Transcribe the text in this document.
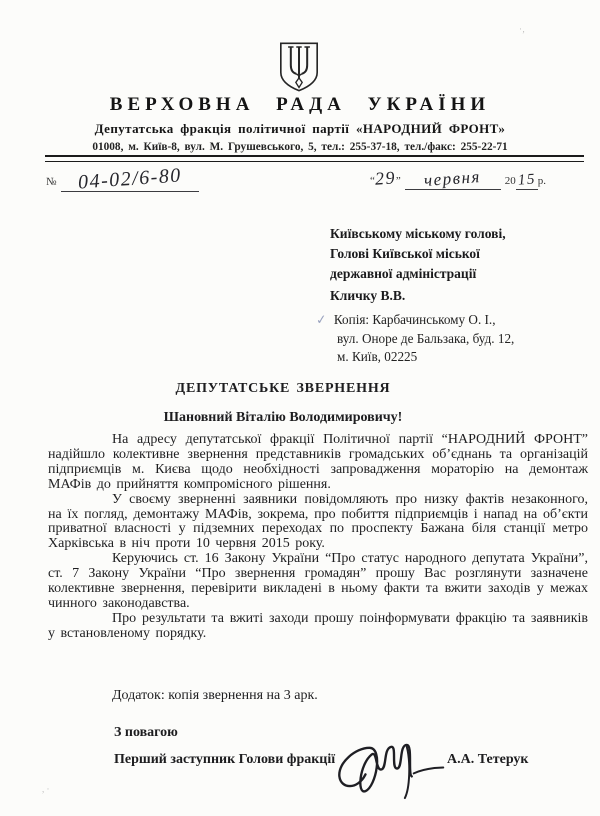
ВЕРХОВНА РАДА УКРАЇНИ
Депутатська фракція політичної партії «НАРОДНИЙ ФРОНТ»
01008, м. Київ-8, вул. М. Грушевського, 5, тел.: 255-37-18, тел./факс: 255-22-71
№ 04-02/6-80	“29” червня 2015р.
Київському міському голові,
Голові Київської міської
державної адміністрації
Кличку В.В.
✓ Копія: Карбачинському О. І.,
вул. Оноре де Бальзака, буд. 12,
м. Київ, 02225
ДЕПУТАТСЬКЕ ЗВЕРНЕННЯ
Шановний Віталію Володимировичу!

На адресу депутатської фракції Політичної партії “НАРОДНИЙ ФРОНТ” надійшло колективне звернення представників громадських об’єднань та організацій підприємців м. Києва щодо необхідності запровадження мораторію на демонтаж МАФів до прийняття компромісного рішення.

У своєму зверненні заявники повідомляють про низку фактів незаконного, на їх погляд, демонтажу МАФів, зокрема, про побиття підприємців і напад на об’єкти приватної власності у підземних переходах по проспекту Бажана біля станції метро Харківська в ніч проти 10 червня 2015 року.

Керуючись ст. 16 Закону України “Про статус народного депутата України”, ст. 7 Закону України “Про звернення громадян” прошу Вас розглянути зазначене колективне звернення, перевірити викладені в ньому факти та вжити заходів у межах чинного законодавства.

Про результати та вжиті заходи прошу поінформувати фракцію та заявників у встановленому порядку.

Додаток: копія звернення на 3 арк.
З повагою
Перший заступник Голови фракції	А.А. Тетерук
·‚
, ·
